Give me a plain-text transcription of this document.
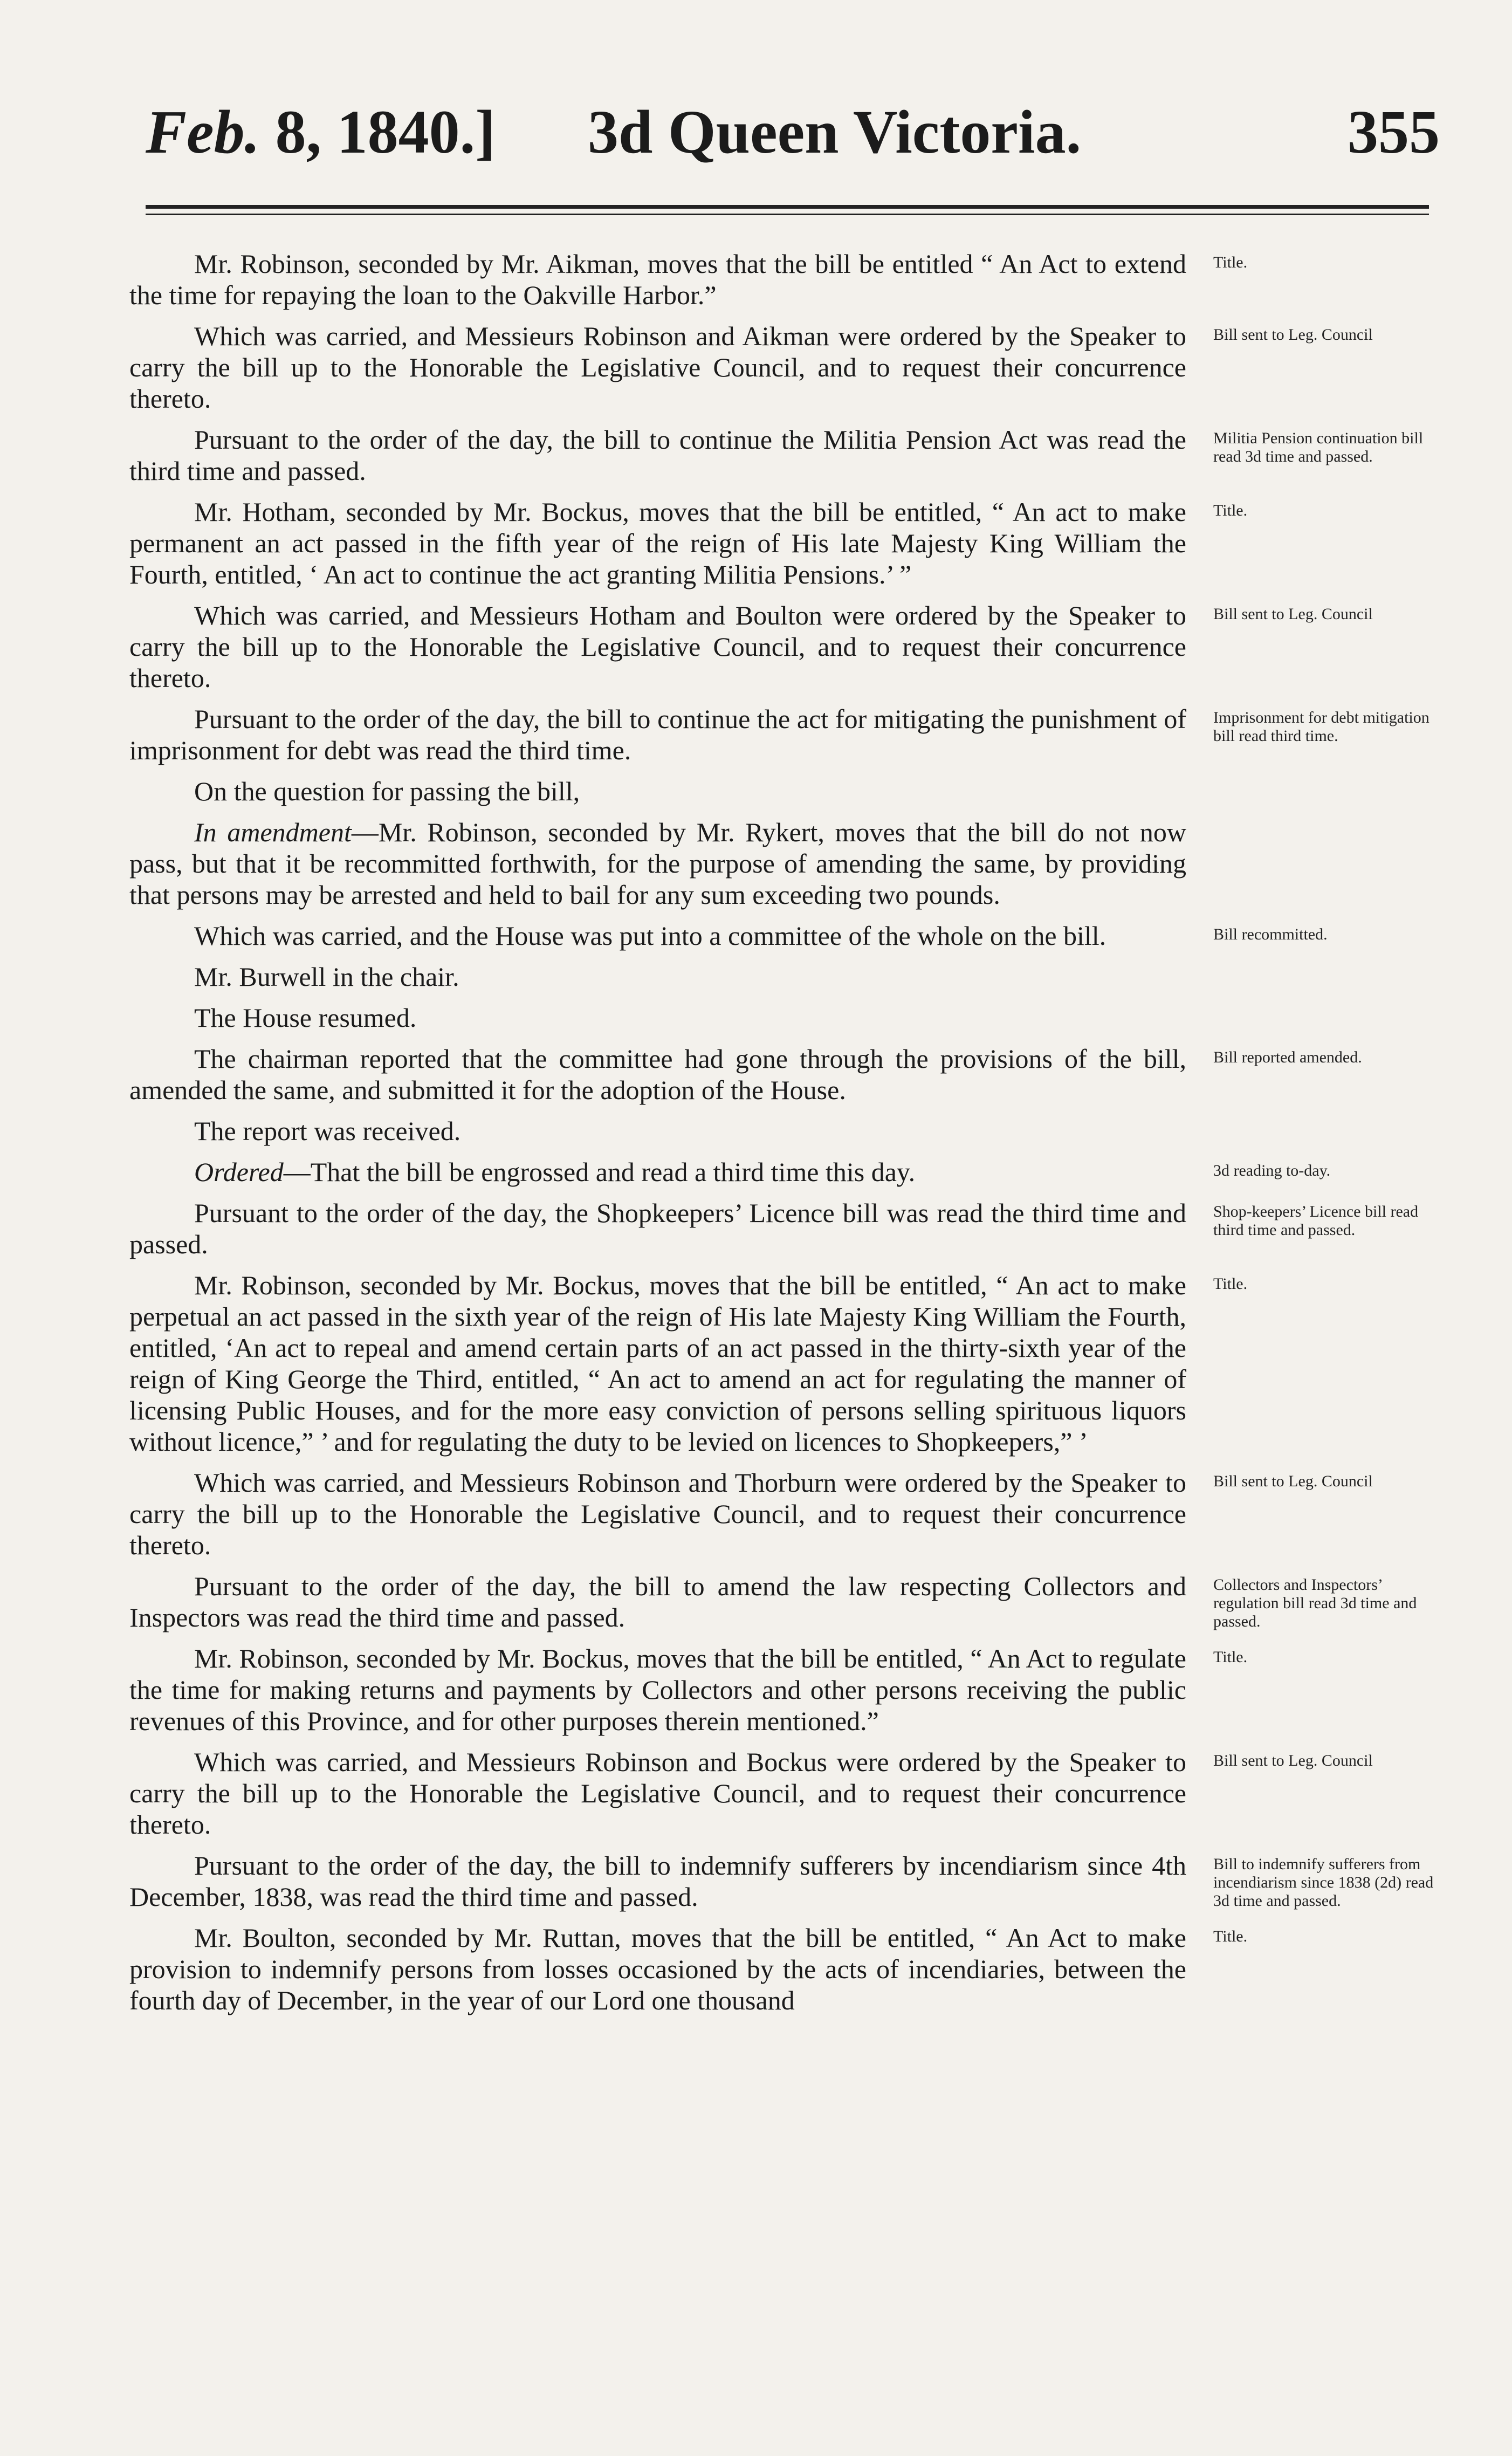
Feb. 8, 1840.] 3d Queen Victoria.	355
Mr. Robinson, seconded by Mr. Aikman, moves that the bill be entitled “ An Act to extend the time for repaying the loan to the Oakville Harbor.”
Title.
Which was carried, and Messieurs Robinson and Aikman were ordered by the Speaker to carry the bill up to the Honorable the Legislative Council, and to request their concurrence thereto.
Bill sent to Leg. Council
Pursuant to the order of the day, the bill to continue the Militia Pension Act was read the third time and passed.
Militia Pension continuation bill read 3d time and passed.
Mr. Hotham, seconded by Mr. Bockus, moves that the bill be entitled, “ An act to make permanent an act passed in the fifth year of the reign of His late Majesty King William the Fourth, entitled, ‘ An act to continue the act granting Militia Pensions.’ ”
Title.
Which was carried, and Messieurs Hotham and Boulton were ordered by the Speaker to carry the bill up to the Honorable the Legislative Council, and to request their concurrence thereto.
Bill sent to Leg. Council
Pursuant to the order of the day, the bill to continue the act for mitigating the punishment of imprisonment for debt was read the third time.
Imprisonment for debt mitigation bill read third time.
On the question for passing the bill,
In amendment—Mr. Robinson, seconded by Mr. Rykert, moves that the bill do not now pass, but that it be recommitted forthwith, for the purpose of amending the same, by providing that persons may be arrested and held to bail for any sum exceeding two pounds.
Which was carried, and the House was put into a committee of the whole on the bill.	Bill recommitted.
Mr. Burwell in the chair.
The House resumed.
The chairman reported that the committee had gone through the provisions of the bill, amended the same, and submitted it for the adoption of the House.
Bill reported amended.
The report was received.
Ordered—That the bill be engrossed and read a third time this day.	3d reading to-day.
Pursuant to the order of the day, the Shopkeepers’ Licence bill was read the third time and passed.
Shop-keepers’ Licence bill read third time and passed.
Mr. Robinson, seconded by Mr. Bockus, moves that the bill be entitled, “ An act to make perpetual an act passed in the sixth year of the reign of His late Majesty King William the Fourth, entitled, ‘An act to repeal and amend certain parts of an act passed in the thirty-sixth year of the reign of King George the Third, entitled, “ An act to amend an act for regulating the manner of licensing Public Houses, and for the more easy conviction of persons selling spirituous liquors without licence,” ’ and for regulating the duty to be levied on licences to Shopkeepers,” ’
Title.
Which was carried, and Messieurs Robinson and Thorburn were ordered by the Speaker to carry the bill up to the Honorable the Legislative Council, and to request their concurrence thereto.
Bill sent to Leg. Council
Pursuant to the order of the day, the bill to amend the law respecting Collectors and Inspectors was read the third time and passed.
Collectors and Inspectors’ regulation bill read 3d time and passed.
Mr. Robinson, seconded by Mr. Bockus, moves that the bill be entitled, “ An Act to regulate the time for making returns and payments by Collectors and other persons receiving the public revenues of this Province, and for other purposes therein mentioned.”
Title.
Which was carried, and Messieurs Robinson and Bockus were ordered by the Speaker to carry the bill up to the Honorable the Legislative Council, and to request their concurrence thereto.
Bill sent to Leg. Council
Pursuant to the order of the day, the bill to indemnify sufferers by incendiarism since 4th December, 1838, was read the third time and passed.
Bill to indemnify sufferers from incendiarism since 1838 (2d) read 3d time and passed.
Mr. Boulton, seconded by Mr. Ruttan, moves that the bill be entitled, “ An Act to make provision to indemnify persons from losses occasioned by the acts of incendiaries, between the fourth day of December, in the year of our Lord one thousand
Title.
